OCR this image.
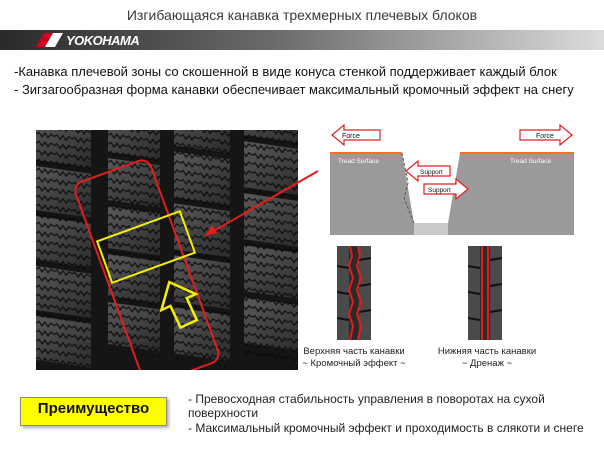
Изгибающаяся канавка трехмерных плечевых блоков
YOKOHAMA

-Канавка плечевой зоны со скошенной в виде конуса стенкой поддерживает каждый блок

- Зигзагообразная форма канавки обеспечивает максимальный кромочный эффект на снегу

Force	Force
Tread Surface	Tread Surface
Support
Support
Верхняя часть канавки
~ Кромочный эффект ~
Нижняя часть канавки
~ Дренаж ~
Преимущество

- Превосходная стабильность управления в поворотах на сухой поверхности

- Максимальный кромочный эффект и проходимость в слякоти и снеге
